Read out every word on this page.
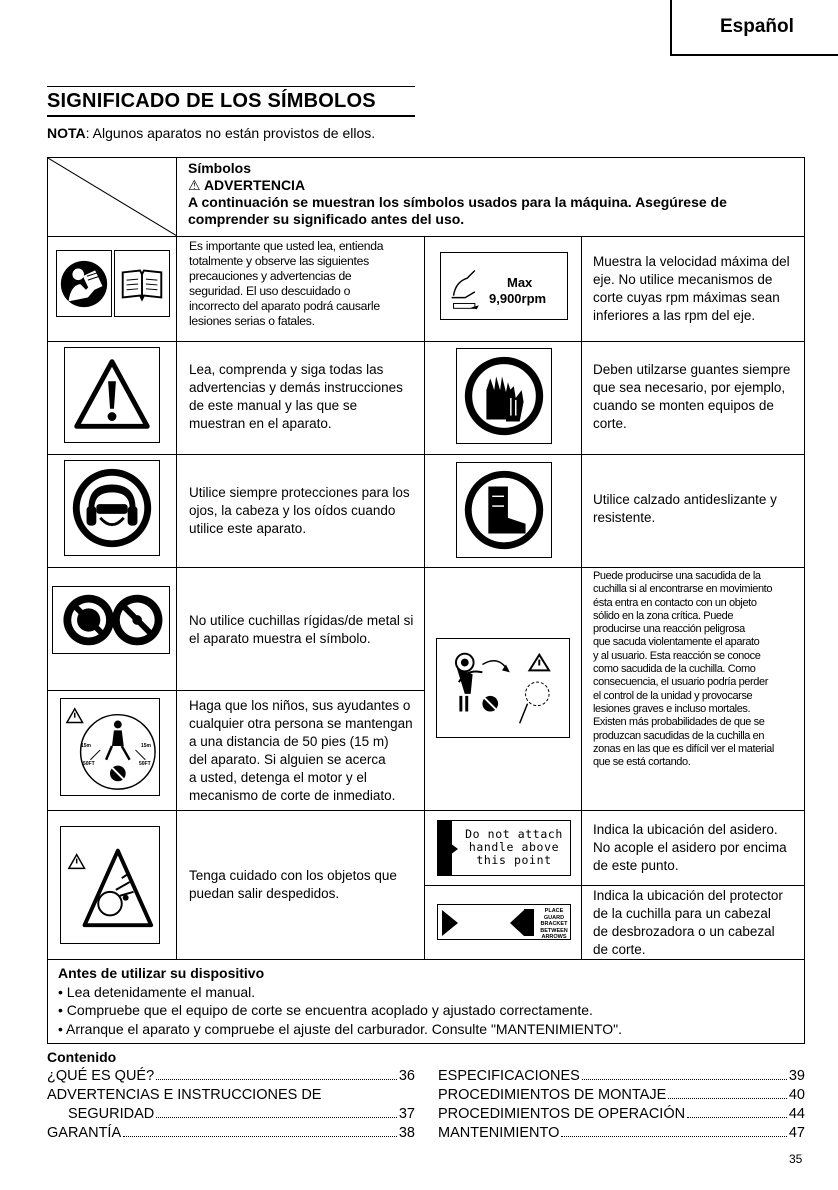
Español
SIGNIFICADO DE LOS SÍMBOLOS
NOTA: Algunos aparatos no están provistos de ellos.
Símbolos
⚠ ADVERTENCIA
A continuación se muestran los símbolos usados para la máquina. Asegúrese de
comprender su significado antes del uso.
Es importante que usted lea, entienda
totalmente y observe las siguientes
precauciones y advertencias de
seguridad. El uso descuidado o
incorrecto del aparato podrá causarle
lesiones serias o fatales.
Max
9,900rpm
Muestra la velocidad máxima del
eje. No utilice mecanismos de
corte cuyas rpm máximas sean
inferiores a las rpm del eje.
Lea, comprenda y siga todas las
advertencias y demás instrucciones
de este manual y las que se
muestran en el aparato.
Deben utilzarse guantes siempre
que sea necesario, por ejemplo,
cuando se monten equipos de
corte.
Utilice siempre protecciones para los
ojos, la cabeza y los oídos cuando
utilice este aparato.
Utilice calzado antideslizante y
resistente.
No utilice cuchillas rígidas/de metal si
el aparato muestra el símbolo.
Puede producirse una sacudida de la
cuchilla si al encontrarse en movimiento
ésta entra en contacto con un objeto
sólido en la zona crítica. Puede
producirse una reacción peligrosa
que sacuda violentamente el aparato
y al usuario. Esta reacción se conoce
como sacudida de la cuchilla. Como
consecuencia, el usuario podría perder
el control de la unidad y provocarse
lesiones graves e incluso mortales.
Existen más probabilidades de que se
produzcan sacudidas de la cuchilla en
zonas en las que es difícil ver el material
que se está cortando.
15m
50FT
15m
50FT
Haga que los niños, sus ayudantes o
cualquier otra persona se mantengan
a una distancia de 50 pies (15 m)
del aparato. Si alguien se acerca
a usted, detenga el motor y el
mecanismo de corte de inmediato.
Tenga cuidado con los objetos que
puedan salir despedidos.
Do not attach
handle above
this point
Indica la ubicación del asidero.
No acople el asidero por encima
de este punto.
PLACE GUARD
BRACKET
BETWEEN
ARROWS
Indica la ubicación del protector
de la cuchilla para un cabezal
de desbrozadora o un cabezal
de corte.
Antes de utilizar su dispositivo
• Lea detenidamente el manual.
• Compruebe que el equipo de corte se encuentra acoplado y ajustado correctamente.
• Arranque el aparato y compruebe el ajuste del carburador. Consulte "MANTENIMIENTO".
Contenido
¿QUÉ ES QUÉ?	36
ADVERTENCIAS E INSTRUCCIONES DE
SEGURIDAD	37
GARANTÍA	38
ESPECIFICACIONES	39
PROCEDIMIENTOS DE MONTAJE	40
PROCEDIMIENTOS DE OPERACIÓN	44
MANTENIMIENTO	47
35
